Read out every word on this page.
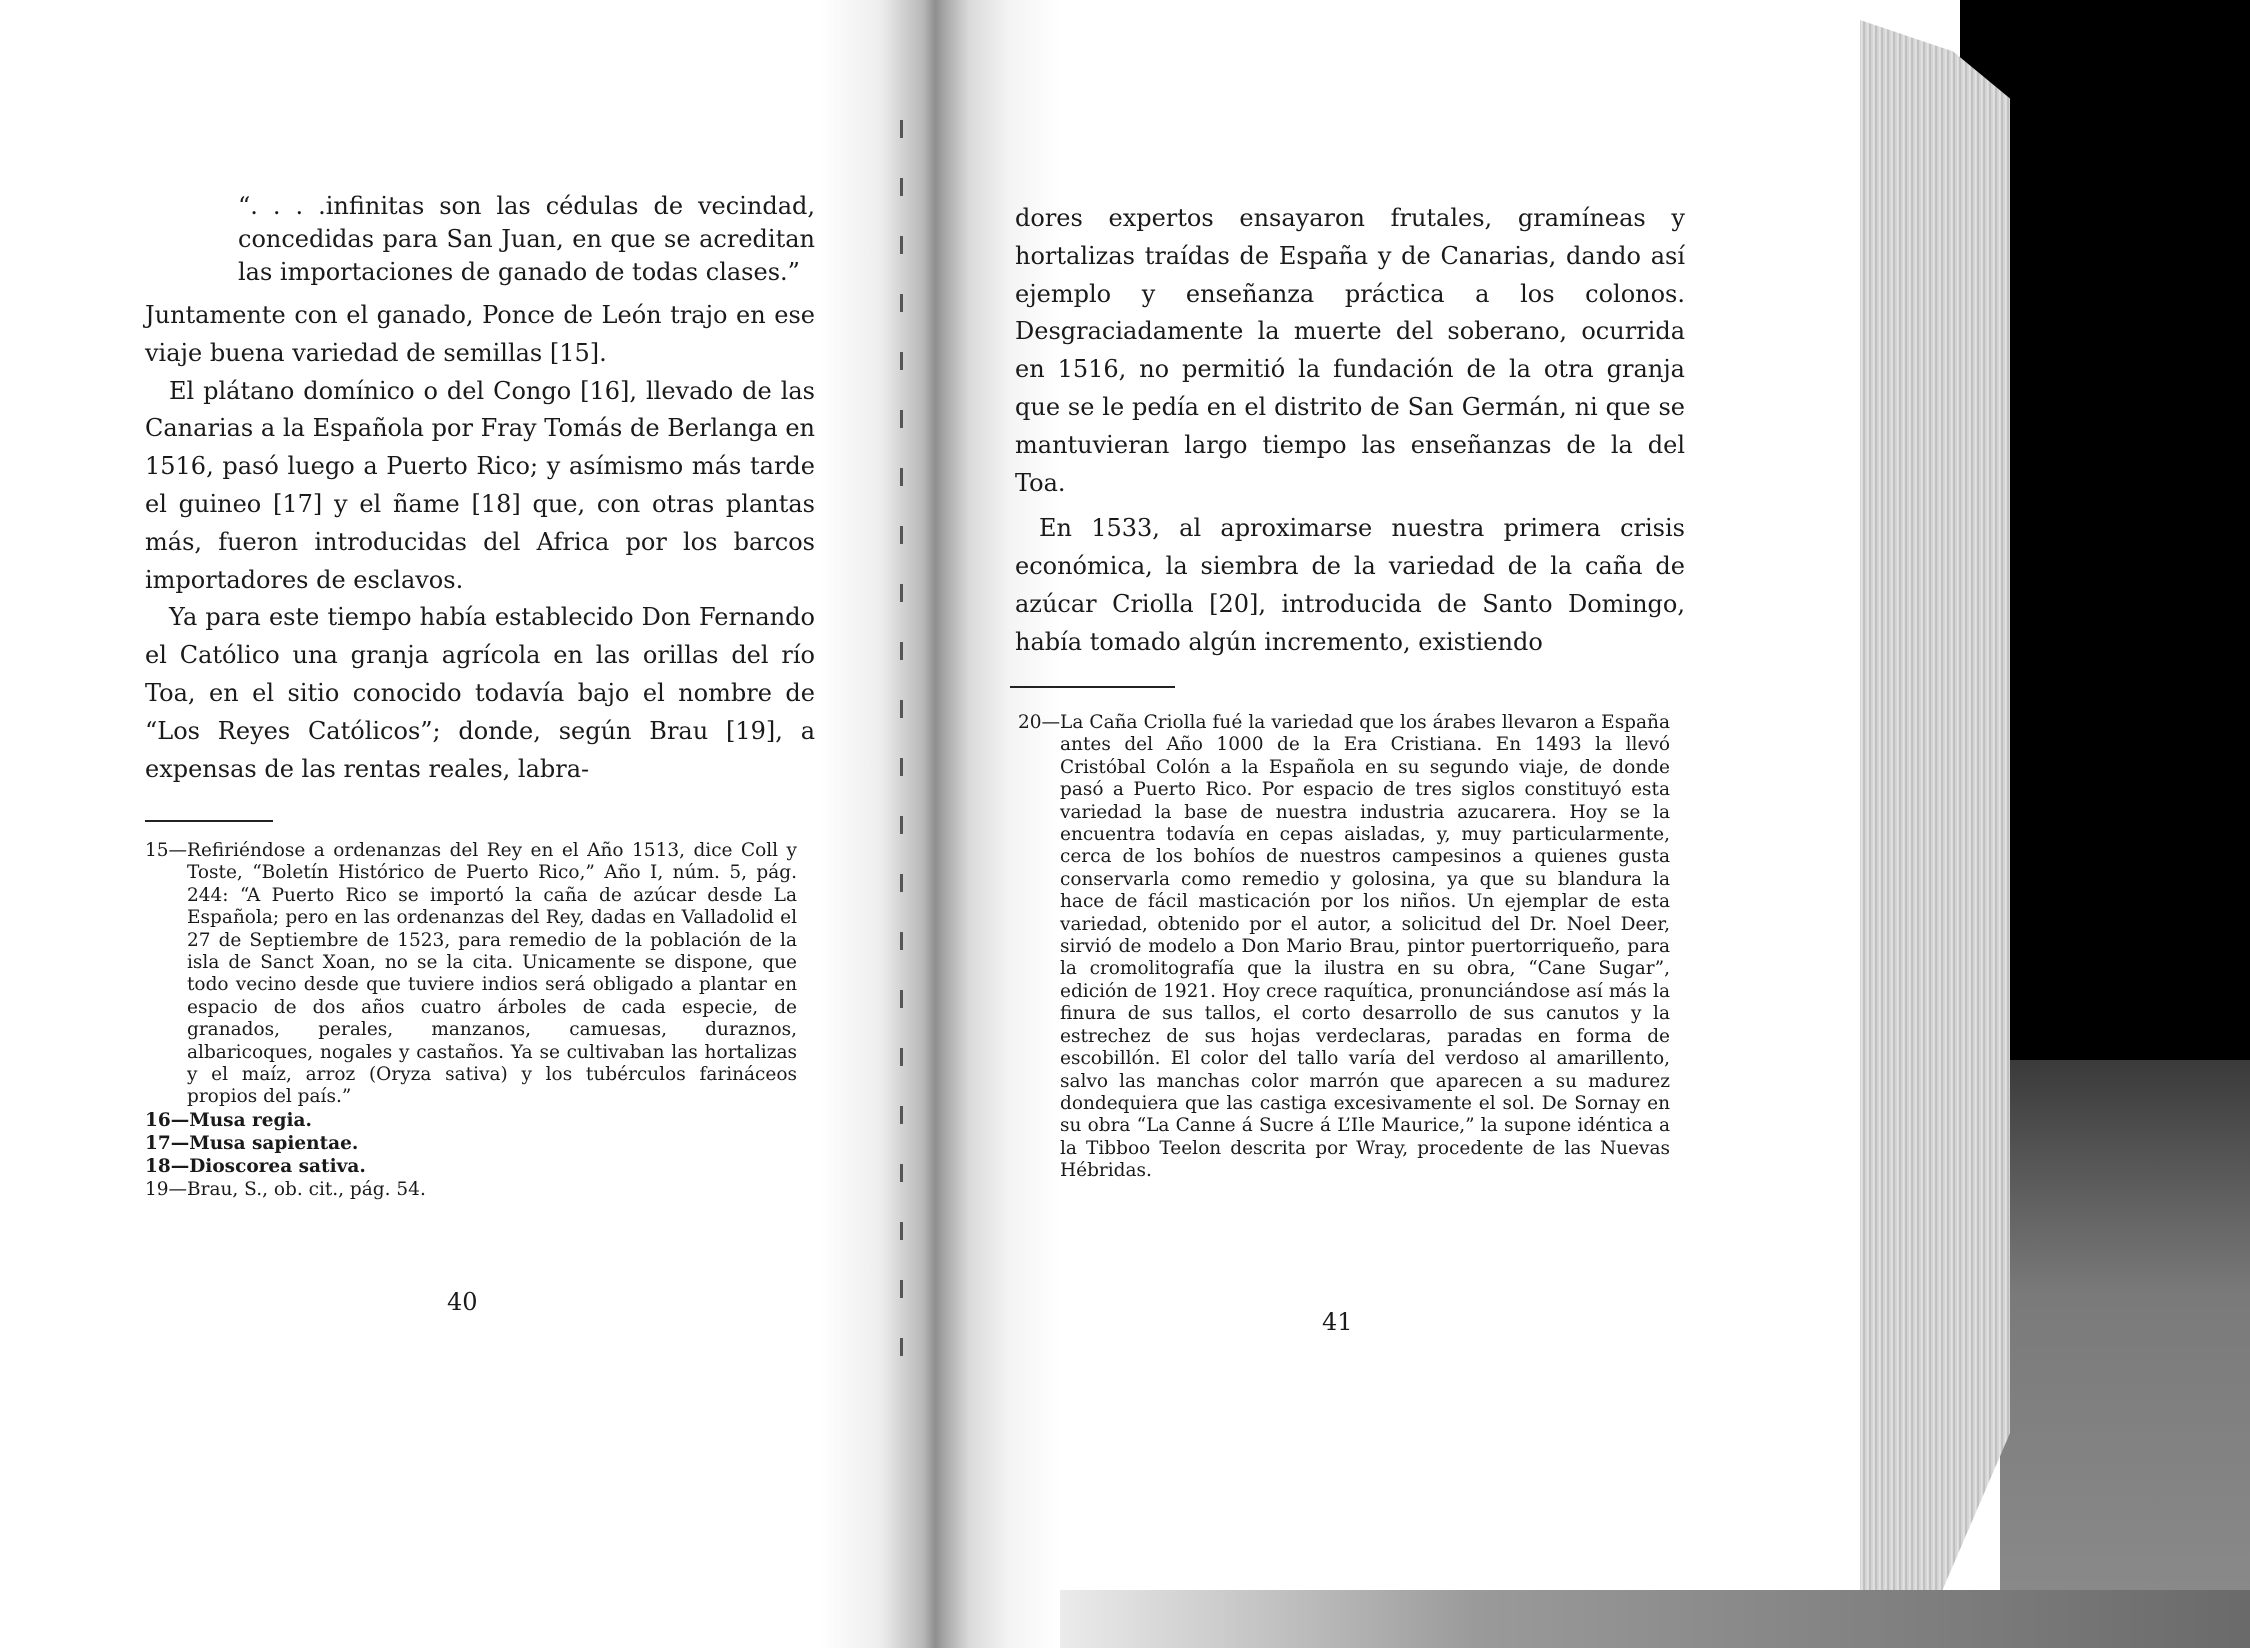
“. . . .infinitas son las cédulas de vecindad, concedidas para San Juan, en que se acreditan las importaciones de ganado de todas clases.”

Juntamente con el ganado, Ponce de León trajo en ese viaje buena variedad de semillas [15].

El plátano domínico o del Congo [16], llevado de las Canarias a la Española por Fray Tomás de Berlanga en 1516, pasó luego a Puerto Rico; y asímismo más tarde el guineo [17] y el ñame [18] que, con otras plantas más, fueron introducidas del Africa por los barcos importadores de esclavos.

Ya para este tiempo había establecido Don Fernando el Católico una granja agrícola en las orillas del río Toa, en el sitio conocido todavía bajo el nombre de “Los Reyes Católicos”; donde, según Brau [19], a expensas de las rentas reales, labra-

15—Refiriéndose a ordenanzas del Rey en el Año 1513, dice Coll y Toste, “Boletín Histórico de Puerto Rico,” Año I, núm. 5, pág. 244: “A Puerto Rico se importó la caña de azúcar desde La Española; pero en las ordenanzas del Rey, dadas en Valladolid el 27 de Septiembre de 1523, para remedio de la población de la isla de Sanct Xoan, no se la cita. Unicamente se dispone, que todo vecino desde que tuviere indios será obligado a plantar en espacio de dos años cuatro árboles de cada especie, de granados, perales, manzanos, camuesas, duraznos, albaricoques, nogales y castaños. Ya se cultivaban las hortalizas y el maíz, arroz (Oryza sativa) y los tubérculos farináceos propios del país.”

16—Musa regia.

17—Musa sapientae.

18—Dioscorea sativa.

19—Brau, S., ob. cit., pág. 54.

40

dores expertos ensayaron frutales, gramíneas y hortalizas traídas de España y de Canarias, dando así ejemplo y enseñanza práctica a los colonos. Desgraciadamente la muerte del soberano, ocurrida en 1516, no permitió la fundación de la otra granja que se le pedía en el distrito de San Germán, ni que se mantuvieran largo tiempo las enseñanzas de la del Toa.

En 1533, al aproximarse nuestra primera crisis económica, la siembra de la variedad de la caña de azúcar Criolla [20], introducida de Santo Domingo, había tomado algún incremento, existiendo

20—La Caña Criolla fué la variedad que los árabes llevaron a España antes del Año 1000 de la Era Cristiana. En 1493 la llevó Cristóbal Colón a la Española en su segundo viaje, de donde pasó a Puerto Rico. Por espacio de tres siglos constituyó esta variedad la base de nuestra industria azucarera. Hoy se la encuentra todavía en cepas aisladas, y, muy particularmente, cerca de los bohíos de nuestros campesinos a quienes gusta conservarla como remedio y golosina, ya que su blandura la hace de fácil masticación por los niños. Un ejemplar de esta variedad, obtenido por el autor, a solicitud del Dr. Noel Deer, sirvió de modelo a Don Mario Brau, pintor puertorriqueño, para la cromolitografía que la ilustra en su obra, “Cane Sugar”, edición de 1921. Hoy crece raquítica, pronunciándose así más la finura de sus tallos, el corto desarrollo de sus canutos y la estrechez de sus hojas verdeclaras, paradas en forma de escobillón. El color del tallo varía del verdoso al amarillento, salvo las manchas color marrón que aparecen a su madurez dondequiera que las castiga excesivamente el sol. De Sornay en su obra “La Canne á Sucre á L’Ile Maurice,” la supone idéntica a la Tibboo Teelon descrita por Wray, procedente de las Nuevas Hébridas.

41
